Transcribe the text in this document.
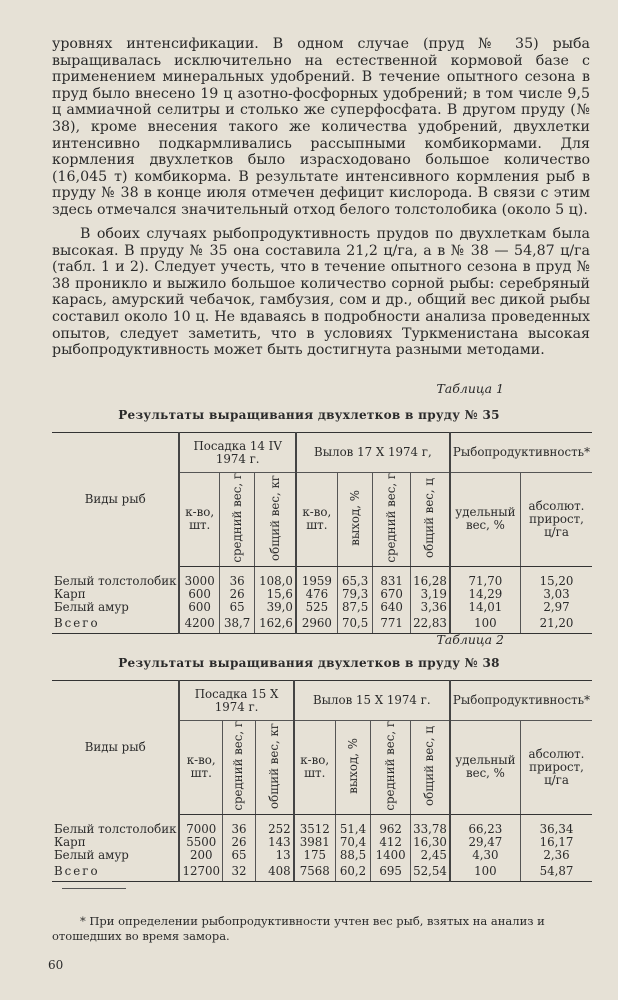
уровнях интенсификации. В одном случае (пруд № 35) рыба выращивалась исключительно на естественной кормовой базе с применением минеральных удобрений. В течение опытного сезона в пруд было внесено 19 ц азотно-фосфорных удобрений; в том числе 9,5 ц аммиачной селитры и столько же суперфосфата. В другом пруду (№ 38), кроме внесения такого же количества удобрений, двухлетки интенсивно подкармливались рассыпными комбикормами. Для кормления двухлетков было израсходовано большое количество (16,045 т) комбикорма. В результате интенсивного кормления рыб в пруду № 38 в конце июля отмечен дефицит кислорода. В связи с этим здесь отмечался значительный отход белого толстолобика (около 5 ц).

В обоих случаях рыбопродуктивность прудов по двухлеткам была высокая. В пруду № 35 она составила 21,2 ц/га, а в № 38 — 54,87 ц/га (табл. 1 и 2). Следует учесть, что в течение опытного сезона в пруд № 38 проникло и выжило большое количество сорной рыбы: серебряный карась, амурский чебачок, гамбузия, сом и др., общий вес дикой рыбы составил около 10 ц. Не вдаваясь в подробности анализа проведенных опытов, следует заметить, что в условиях Туркменистана высокая рыбопродуктивность может быть достигнута разными методами.

Таблица 1
Результаты выращивания двухлетков в пруду № 35
Виды рыб	Посадка 14 IV 1974 г.			Вылов 17 X 1974 г,				Рыбопродуктивность*	
	к-во, шт.	средний вес, г	общий вес, кг	к-во, шт.	выход, %	средний вес, г	общий вес, ц	удельный вес, %	абсолют. прирост, ц/га

Белый толстолобик	3000	36	108,0	1959	65,3	831	16,28	71,70	15,20
Карп	600	26	15,6	476	79,3	670	3,19	14,29	3,03
Белый амур	600	65	39,0	525	87,5	640	3,36	14,01	2,97
Всего	4200	38,7	162,6	2960	70,5	771	22,83	100	21,20
Таблица 2
Результаты выращивания двухлетков в пруду № 38
Виды рыб	Посадка 15 X 1974 г.			Вылов 15 X 1974 г.				Рыбопродуктивность*	
	к-во, шт.	средний вес, г	общий вес, кг	к-во, шт.	выход, %	средний вес, г	общий вес, ц	удельный вес, %	абсолют. прирост, ц/га

Белый толстолобик	7000	36	252	3512	51,4	962	33,78	66,23	36,34
Карп	5500	26	143	3981	70,4	412	16,30	29,47	16,17
Белый амур	200	65	13	175	88,5	1400	2,45	4,30	2,36
Всего	12700	32	408	7568	60,2	695	52,54	100	54,87

* При определении рыбопродуктивности учтен вес рыб, взятых на анализ и отошедших во время замора.

60
